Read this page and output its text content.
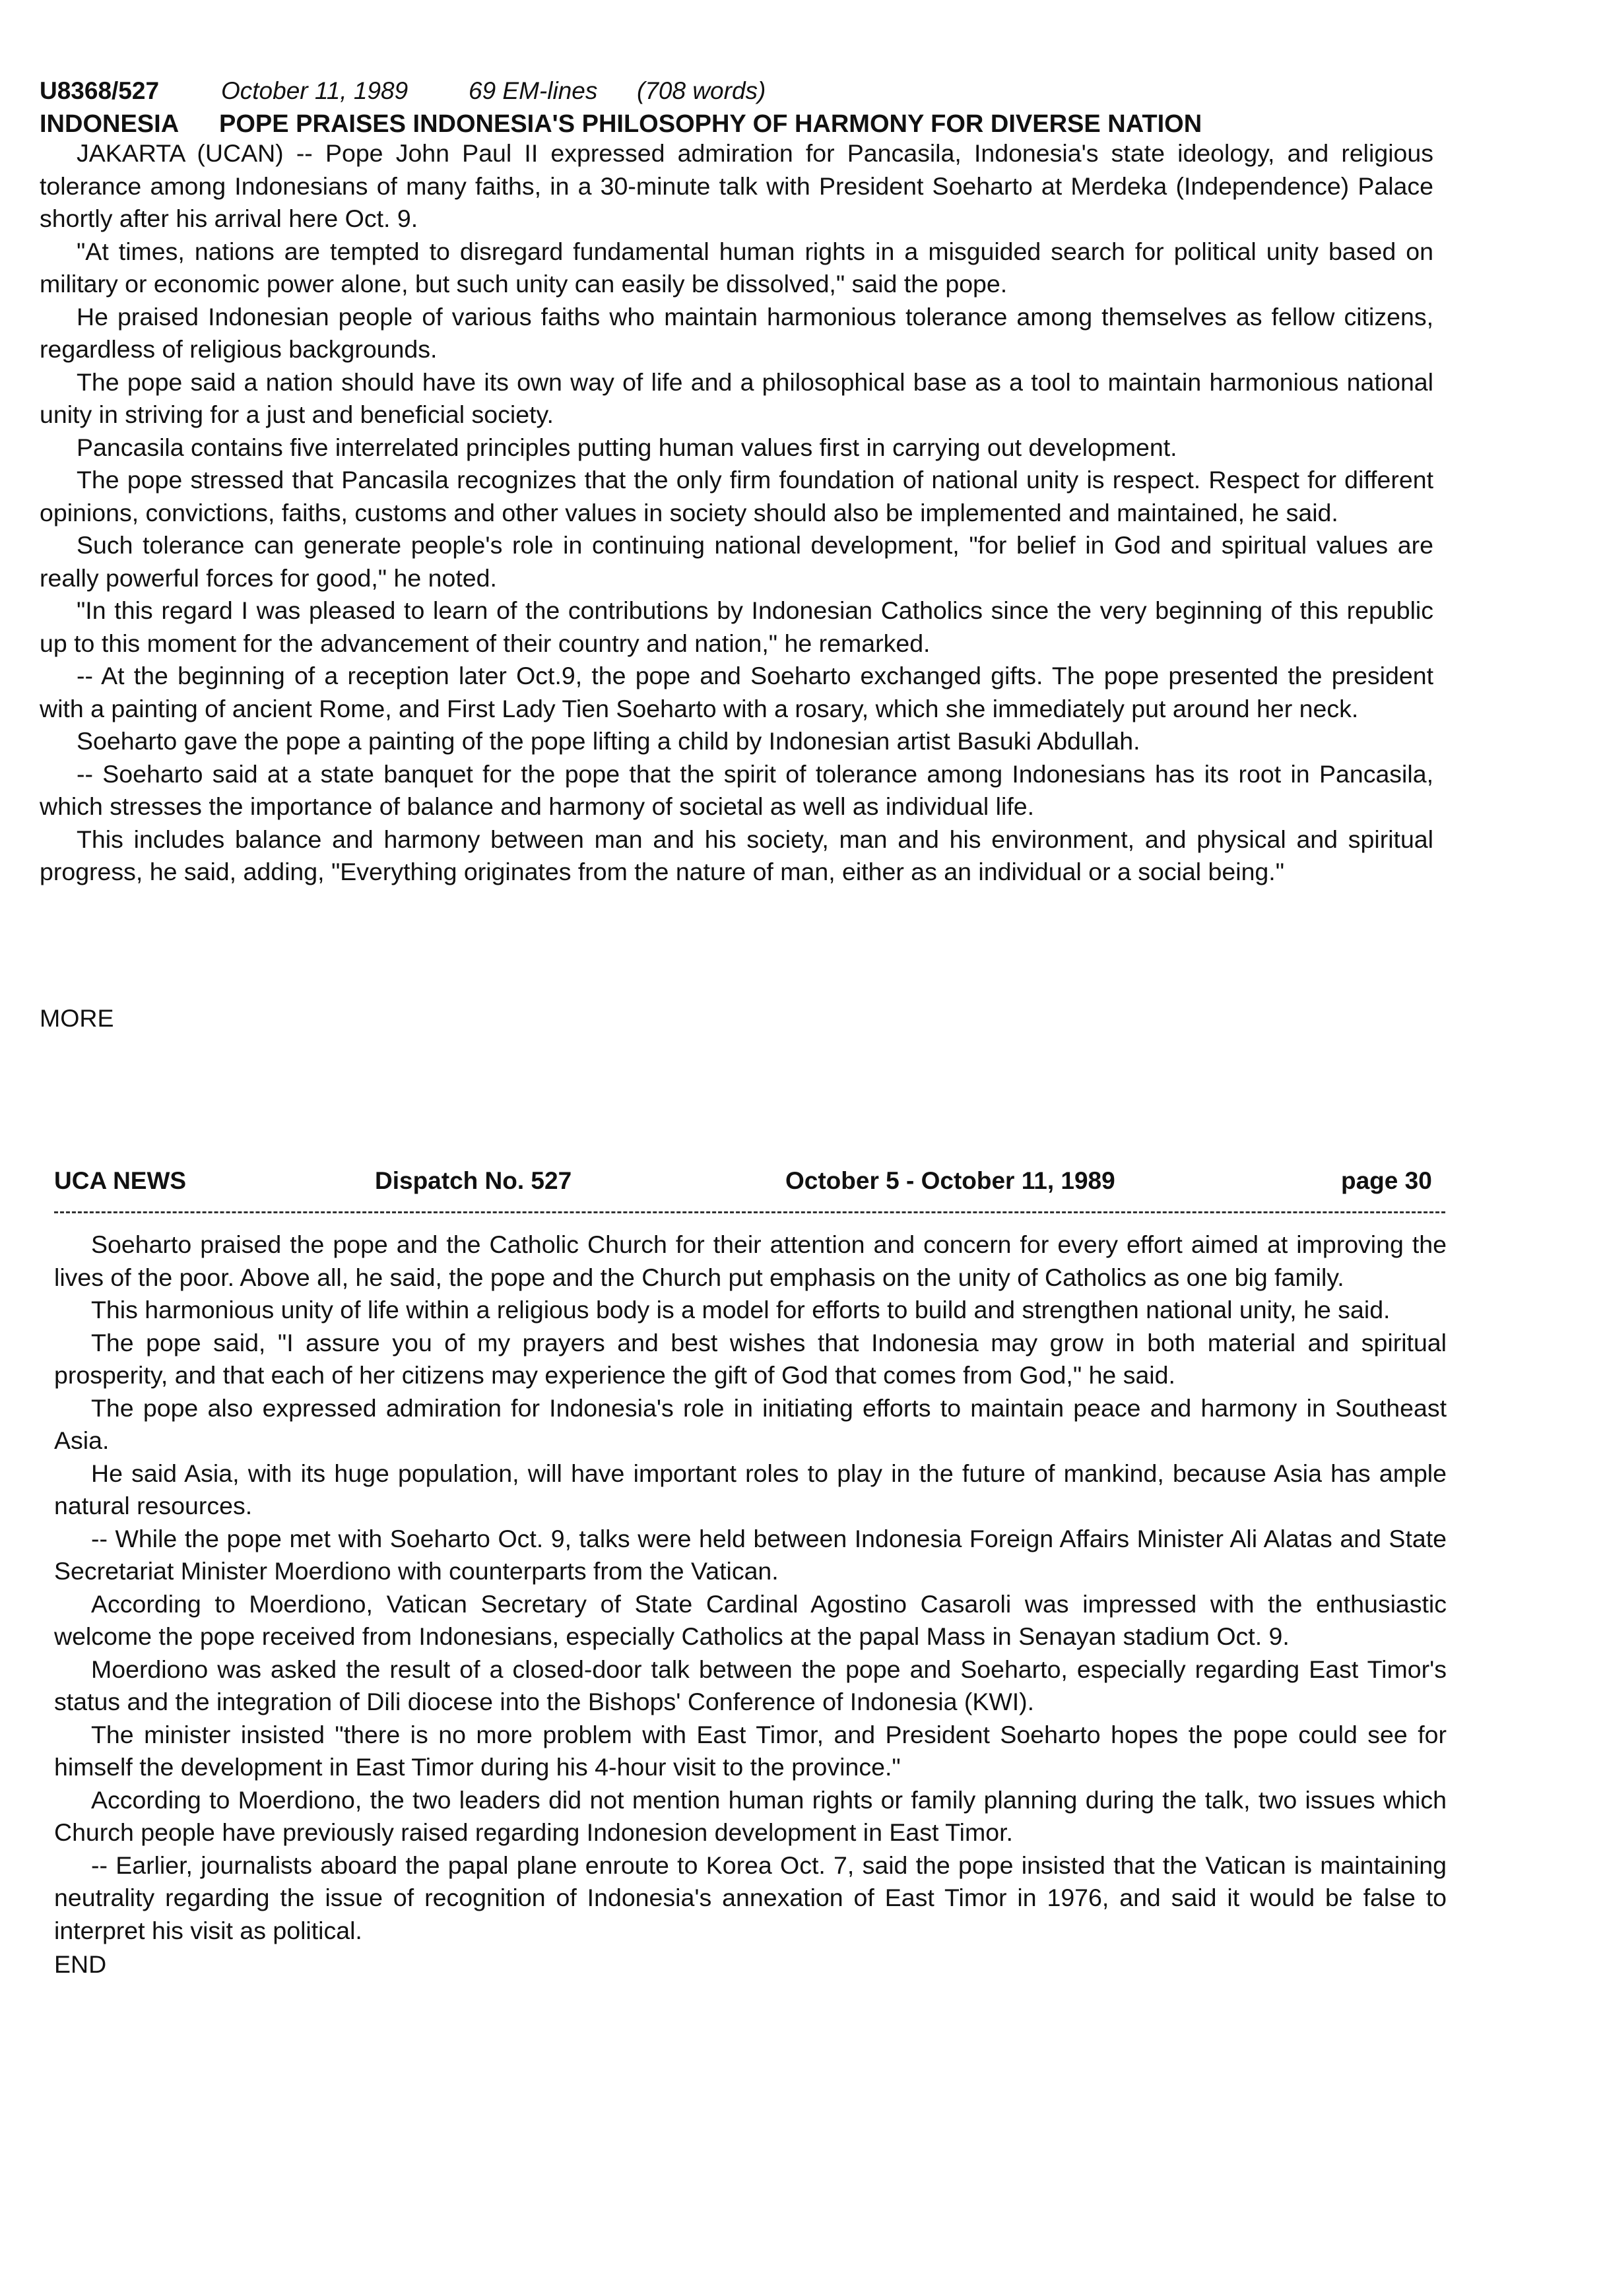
U8368/527	October 11, 1989 69 EM-lines (708 words)
INDONESIA POPE PRAISES INDONESIA'S PHILOSOPHY OF HARMONY FOR DIVERSE NATION

JAKARTA (UCAN) -- Pope John Paul II expressed admiration for Pancasila, Indonesia's state ideology, and religious tolerance among Indonesians of many faiths, in a 30-minute talk with President Soeharto at Merdeka (Independence) Palace shortly after his arrival here Oct. 9.

"At times, nations are tempted to disregard fundamental human rights in a misguided search for political unity based on military or economic power alone, but such unity can easily be dissolved," said the pope.

He praised Indonesian people of various faiths who maintain harmonious tolerance among themselves as fellow citizens, regardless of religious backgrounds.

The pope said a nation should have its own way of life and a philosophical base as a tool to maintain harmonious national unity in striving for a just and beneficial society.

Pancasila contains five interrelated principles putting human values first in carrying out development.

The pope stressed that Pancasila recognizes that the only firm foundation of national unity is respect. Respect for different opinions, convictions, faiths, customs and other values in society should also be implemented and maintained, he said.

Such tolerance can generate people's role in continuing national development, "for belief in God and spiritual values are really powerful forces for good," he noted.

"In this regard I was pleased to learn of the contributions by Indonesian Catholics since the very beginning of this republic up to this moment for the advancement of their country and nation," he remarked.

-- At the beginning of a reception later Oct.9, the pope and Soeharto exchanged gifts. The pope presented the president with a painting of ancient Rome, and First Lady Tien Soeharto with a rosary, which she immediately put around her neck.

Soeharto gave the pope a painting of the pope lifting a child by Indonesian artist Basuki Abdullah.

-- Soeharto said at a state banquet for the pope that the spirit of tolerance among Indonesians has its root in Pancasila, which stresses the importance of balance and harmony of societal as well as individual life.

This includes balance and harmony between man and his society, man and his environment, and physical and spiritual progress, he said, adding, "Everything originates from the nature of man, either as an individual or a social being."

MORE
UCA NEWS	Dispatch No. 527	October 5 - October 11, 1989	page 30

Soeharto praised the pope and the Catholic Church for their attention and concern for every effort aimed at improving the lives of the poor. Above all, he said, the pope and the Church put emphasis on the unity of Catholics as one big family.

This harmonious unity of life within a religious body is a model for efforts to build and strengthen national unity, he said.

The pope said, "I assure you of my prayers and best wishes that Indonesia may grow in both material and spiritual prosperity, and that each of her citizens may experience the gift of God that comes from God," he said.

The pope also expressed admiration for Indonesia's role in initiating efforts to maintain peace and harmony in Southeast Asia.

He said Asia, with its huge population, will have important roles to play in the future of mankind, because Asia has ample natural resources.

-- While the pope met with Soeharto Oct. 9, talks were held between Indonesia Foreign Affairs Minister Ali Alatas and State Secretariat Minister Moerdiono with counterparts from the Vatican.

According to Moerdiono, Vatican Secretary of State Cardinal Agostino Casaroli was impressed with the enthusiastic welcome the pope received from Indonesians, especially Catholics at the papal Mass in Senayan stadium Oct. 9.

Moerdiono was asked the result of a closed-door talk between the pope and Soeharto, especially regarding East Timor's status and the integration of Dili diocese into the Bishops' Conference of Indonesia (KWI).

The minister insisted "there is no more problem with East Timor, and President Soeharto hopes the pope could see for himself the development in East Timor during his 4-hour visit to the province."

According to Moerdiono, the two leaders did not mention human rights or family planning during the talk, two issues which Church people have previously raised regarding Indonesion development in East Timor.

-- Earlier, journalists aboard the papal plane enroute to Korea Oct. 7, said the pope insisted that the Vatican is maintaining neutrality regarding the issue of recognition of Indonesia's annexation of East Timor in 1976, and said it would be false to interpret his visit as political.

END
